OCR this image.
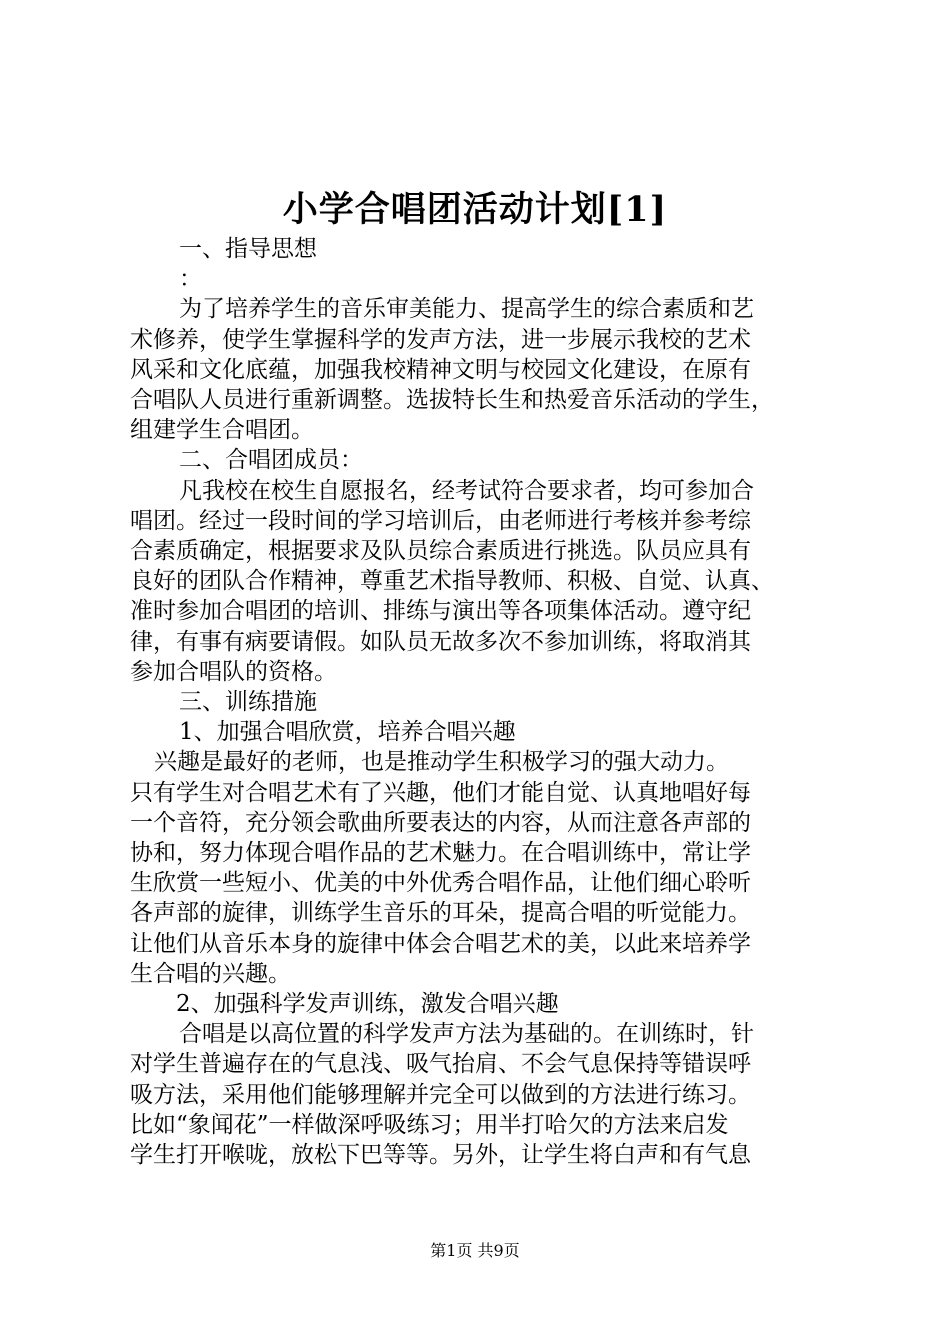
小学合唱团活动计划[1]
一、指导思想
：
为了培养学生的音乐审美能力、提高学生的综合素质和艺
术修养，使学生掌握科学的发声方法，进一步展示我校的艺术
风采和文化底蕴，加强我校精神文明与校园文化建设，在原有
合唱队人员进行重新调整。选拔特长生和热爱音乐活动的学生，
组建学生合唱团。
二、合唱团成员：
凡我校在校生自愿报名，经考试符合要求者，均可参加合
唱团。经过一段时间的学习培训后，由老师进行考核并参考综
合素质确定，根据要求及队员综合素质进行挑选。队员应具有
良好的团队合作精神，尊重艺术指导教师、积极、自觉、认真、
准时参加合唱团的培训、排练与演出等各项集体活动。遵守纪
律，有事有病要请假。如队员无故多次不参加训练，将取消其
参加合唱队的资格。
三、训练措施
1、加强合唱欣赏，培养合唱兴趣
兴趣是最好的老师，也是推动学生积极学习的强大动力。
只有学生对合唱艺术有了兴趣，他们才能自觉、认真地唱好每
一个音符，充分领会歌曲所要表达的内容，从而注意各声部的
协和，努力体现合唱作品的艺术魅力。在合唱训练中，常让学
生欣赏一些短小、优美的中外优秀合唱作品，让他们细心聆听
各声部的旋律，训练学生音乐的耳朵，提高合唱的听觉能力。
让他们从音乐本身的旋律中体会合唱艺术的美，以此来培养学
生合唱的兴趣。
2、加强科学发声训练，激发合唱兴趣
合唱是以高位置的科学发声方法为基础的。在训练时，针
对学生普遍存在的气息浅、吸气抬肩、不会气息保持等错误呼
吸方法，采用他们能够理解并完全可以做到的方法进行练习。
比如“象闻花”一样做深呼吸练习；用半打哈欠的方法来启发
学生打开喉咙，放松下巴等等。另外，让学生将白声和有气息
第1页 共9页
